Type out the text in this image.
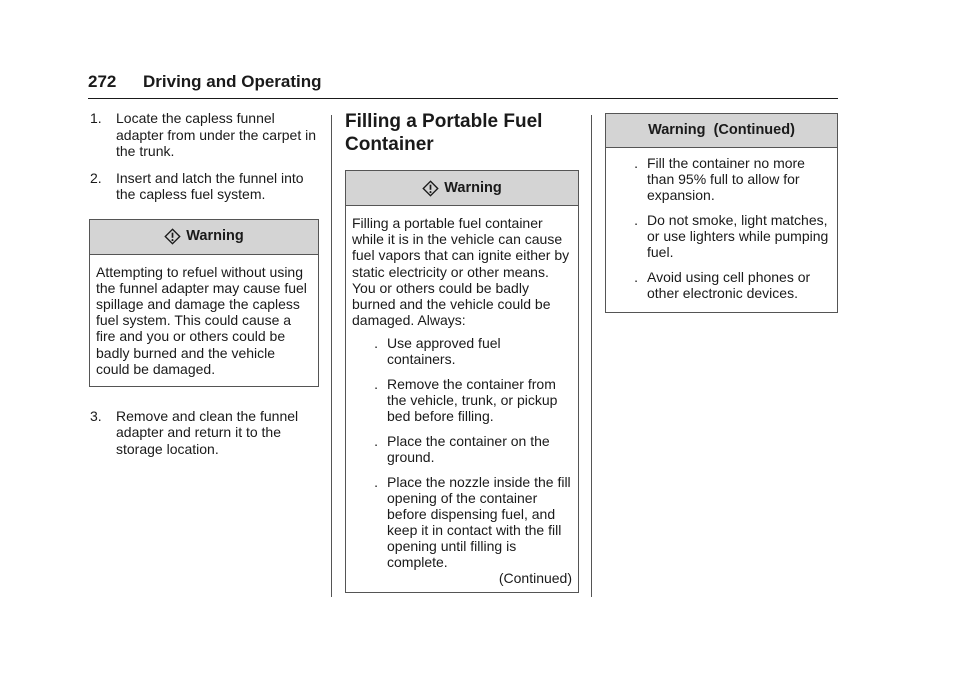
272 Driving and Operating
1.	Locate the capless funnel adapter from under the carpet in the trunk.
2.	Insert and latch the funnel into the capless fuel system.
Warning

Attempting to refuel without using the funnel adapter may cause fuel spillage and damage the capless fuel system. This could cause a fire and you or others could be badly burned and the vehicle could be damaged.

3.	Remove and clean the funnel adapter and return it to the storage location.
Filling a Portable Fuel Container
Warning

Filling a portable fuel container while it is in the vehicle can cause fuel vapors that can ignite either by static electricity or other means. You or others could be badly burned and the vehicle could be damaged. Always:

. Use approved fuel containers.
. Remove the container from the vehicle, trunk, or pickup bed before filling.
. Place the container on the ground.
. Place the nozzle inside the fill opening of the container before dispensing fuel, and keep it in contact with the fill opening until filling is complete.
(Continued)
Warning  (Continued)
. Fill the container no more than 95% full to allow for expansion.
. Do not smoke, light matches, or use lighters while pumping fuel.
. Avoid using cell phones or other electronic devices.
